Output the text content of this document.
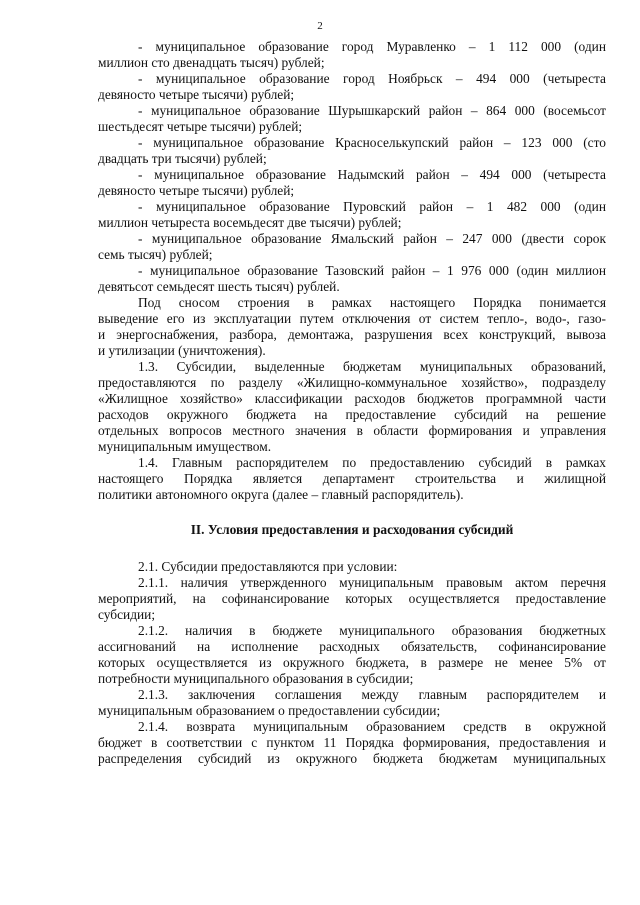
2
- муниципальное образование город Муравленко – 1 112 000 (один
миллион сто двенадцать тысяч) рублей;
- муниципальное образование город Ноябрьск – 494 000 (четыреста
девяносто четыре тысячи) рублей;
- муниципальное образование Шурышкарский район – 864 000 (восемьсот
шестьдесят четыре тысячи) рублей;
- муниципальное образование Красноселькупский район – 123 000 (сто
двадцать три тысячи) рублей;
- муниципальное образование Надымский район – 494 000 (четыреста
девяносто четыре тысячи) рублей;
- муниципальное образование Пуровский район – 1 482 000 (один
миллион четыреста восемьдесят две тысячи) рублей;
- муниципальное образование Ямальский район – 247 000 (двести сорок
семь тысяч) рублей;
- муниципальное образование Тазовский район – 1 976 000 (один миллион
девятьсот семьдесят шесть тысяч) рублей.
Под сносом строения в рамках настоящего Порядка понимается
выведение его из эксплуатации путем отключения от систем тепло-, водо-, газо-
и энергоснабжения, разбора, демонтажа, разрушения всех конструкций, вывоза
и утилизации (уничтожения).
1.3. Субсидии, выделенные бюджетам муниципальных образований,
предоставляются по разделу «Жилищно-коммунальное хозяйство», подразделу
«Жилищное хозяйство» классификации расходов бюджетов программной части
расходов окружного бюджета на предоставление субсидий на решение
отдельных вопросов местного значения в области формирования и управления
муниципальным имуществом.
1.4. Главным распорядителем по предоставлению субсидий в рамках
настоящего Порядка является департамент строительства и жилищной
политики автономного округа (далее – главный распорядитель).
II. Условия предоставления и расходования субсидий
2.1. Субсидии предоставляются при условии:
2.1.1. наличия утвержденного муниципальным правовым актом перечня
мероприятий, на софинансирование которых осуществляется предоставление
субсидии;
2.1.2. наличия в бюджете муниципального образования бюджетных
ассигнований на исполнение расходных обязательств, софинансирование
которых осуществляется из окружного бюджета, в размере не менее 5% от
потребности муниципального образования в субсидии;
2.1.3. заключения соглашения между главным распорядителем и
муниципальным образованием о предоставлении субсидии;
2.1.4. возврата муниципальным образованием средств в окружной
бюджет в соответствии с пунктом 11 Порядка формирования, предоставления и
распределения субсидий из окружного бюджета бюджетам муниципальных
